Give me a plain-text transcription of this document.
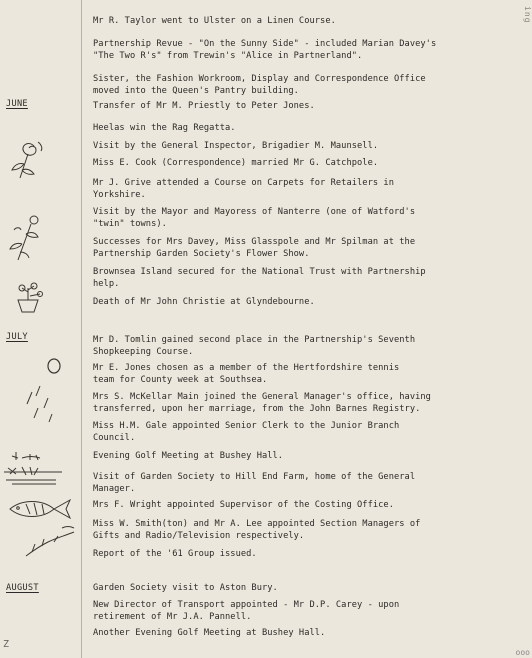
ing
JUNE
JULY
AUGUST
Mr R. Taylor went to Ulster on a Linen Course.
Partnership Revue - "On the Sunny Side" - included Marian Davey's
"The Two R's" from Trewin's "Alice in Partnerland".
Sister, the Fashion Workroom, Display and Correspondence Office
moved into the Queen's Pantry building.
Transfer of Mr M. Priestly to Peter Jones.
Heelas win the Rag Regatta.
Visit by the General Inspector, Brigadier M. Maunsell.
Miss E. Cook (Correspondence) married Mr G. Catchpole.
Mr J. Grive attended a Course on Carpets for Retailers in
Yorkshire.
Visit by the Mayor and Mayoress of Nanterre (one of Watford's
"twin" towns).
Successes for Mrs Davey, Miss Glasspole and Mr Spilman at the
Partnership Garden Society's Flower Show.
Brownsea Island secured for the National Trust with Partnership
help.
Death of Mr John Christie at Glyndebourne.
Mr D. Tomlin gained second place in the Partnership's Seventh
Shopkeeping Course.
Mr E. Jones chosen as a member of the Hertfordshire tennis
team for County week at Southsea.
Mrs S. McKellar Main joined the General Manager's office, having
transferred, upon her marriage, from the John Barnes Registry.
Miss H.M. Gale appointed Senior Clerk to the Junior Branch
Council.
Evening Golf Meeting at Bushey Hall.
Visit of Garden Society to Hill End Farm, home of the General
Manager.
Mrs F. Wright appointed Supervisor of the Costing Office.
Miss W. Smith(ton) and Mr A. Lee appointed Section Managers of
Gifts and Radio/Television respectively.
Report of the '61 Group issued.
Garden Society visit to Aston Bury.
New Director of Transport appointed - Mr D.P. Carey - upon
retirement of Mr J.A. Pannell.
Another Evening Golf Meeting at Bushey Hall.
Z
ooo
